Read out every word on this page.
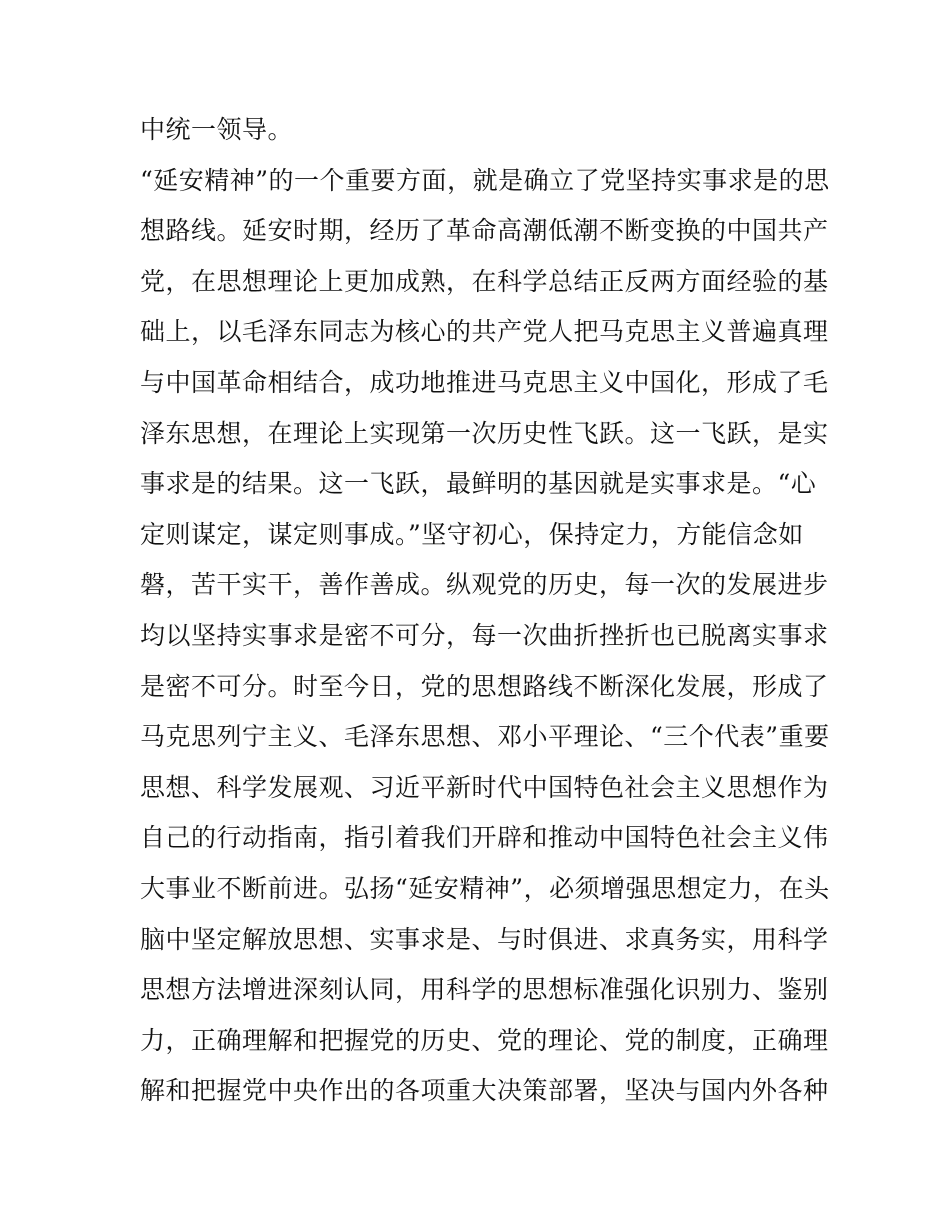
中统一领导。
“延安精神”的一个重要方面，就是确立了党坚持实事求是的思
想路线。延安时期，经历了革命高潮低潮不断变换的中国共产
党，在思想理论上更加成熟，在科学总结正反两方面经验的基
础上，以毛泽东同志为核心的共产党人把马克思主义普遍真理
与中国革命相结合，成功地推进马克思主义中国化，形成了毛
泽东思想，在理论上实现第一次历史性飞跃。这一飞跃，是实
事求是的结果。这一飞跃，最鲜明的基因就是实事求是。“心
定则谋定，谋定则事成。”坚守初心，保持定力，方能信念如
磐，苦干实干，善作善成。纵观党的历史，每一次的发展进步
均以坚持实事求是密不可分，每一次曲折挫折也已脱离实事求
是密不可分。时至今日，党的思想路线不断深化发展，形成了
马克思列宁主义、毛泽东思想、邓小平理论、“三个代表”重要
思想、科学发展观、习近平新时代中国特色社会主义思想作为
自己的行动指南，指引着我们开辟和推动中国特色社会主义伟
大事业不断前进。弘扬“延安精神”，必须增强思想定力，在头
脑中坚定解放思想、实事求是、与时俱进、求真务实，用科学
思想方法增进深刻认同，用科学的思想标准强化识别力、鉴别
力，正确理解和把握党的历史、党的理论、党的制度，正确理
解和把握党中央作出的各项重大决策部署，坚决与国内外各种
